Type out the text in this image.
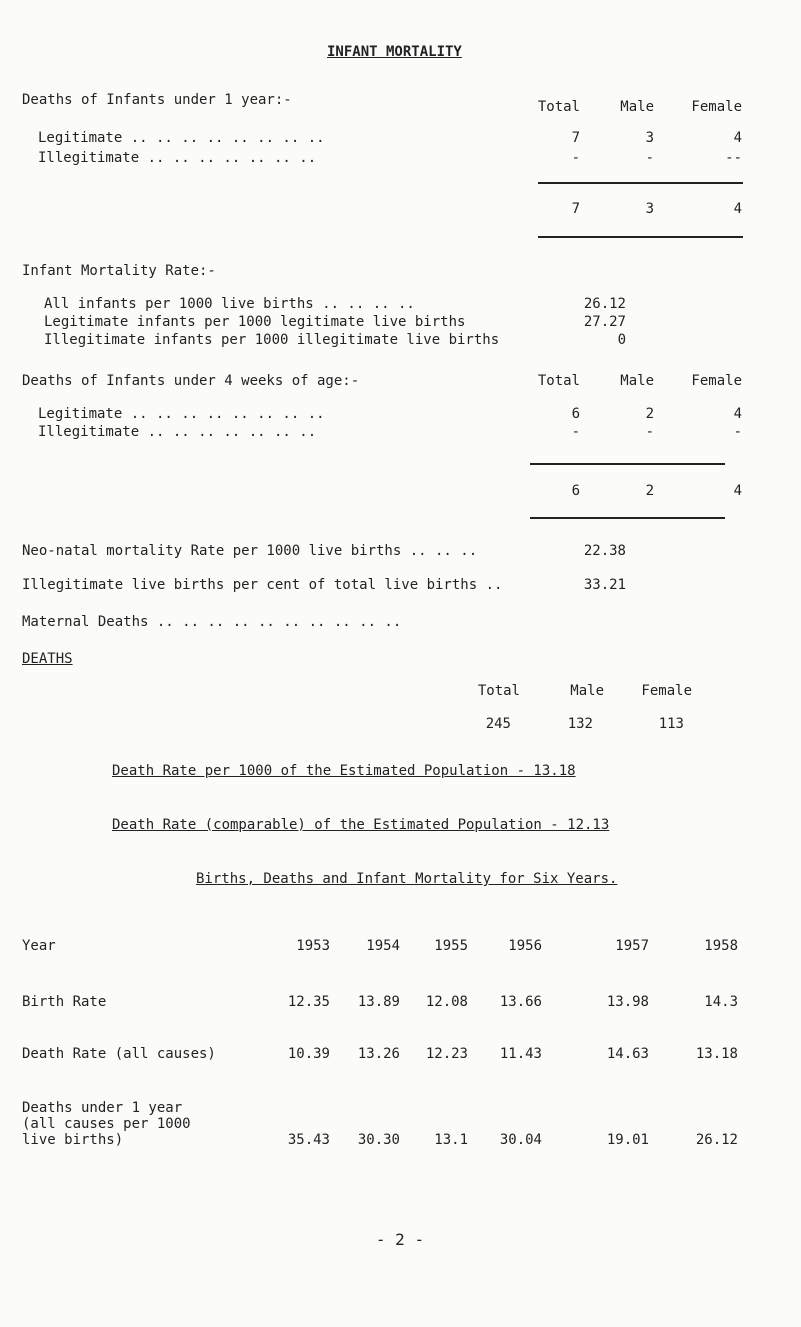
INFANT MORTALITY
Deaths of Infants under 1 year:-	Total	Male	Female
Legitimate .. .. .. .. .. .. .. ..	7	3	4
Illegitimate .. .. .. .. .. .. ..	-	-	--
7	3	4
Infant Mortality Rate:-
All infants per 1000 live births .. .. .. ..	26.12
Legitimate infants per 1000 legitimate live births	27.27
Illegitimate infants per 1000 illegitimate live births	0
Deaths of Infants under 4 weeks of age:-	Total	Male	Female
Legitimate .. .. .. .. .. .. .. ..	6	2	4
Illegitimate .. .. .. .. .. .. ..	-	-	-
6	2	4
Neo-natal mortality Rate per 1000 live births .. .. ..	22.38
Illegitimate live births per cent of total live births ..	33.21
Maternal Deaths .. .. .. .. .. .. .. .. .. ..
DEATHS
Total	Male	Female
245	132	113
Death Rate per 1000 of the Estimated Population - 13.18
Death Rate (comparable) of the Estimated Population - 12.13
Births, Deaths and Infant Mortality for Six Years.
Year	1953	1954	1955	1956	1957	1958
Birth Rate	12.35	13.89	12.08	13.66	13.98	14.3
Death Rate (all causes)	10.39	13.26	12.23	11.43	14.63	13.18
Deaths under 1 year
(all causes per 1000
live births)	35.43	30.30	13.1	30.04	19.01	26.12
- 2 -
